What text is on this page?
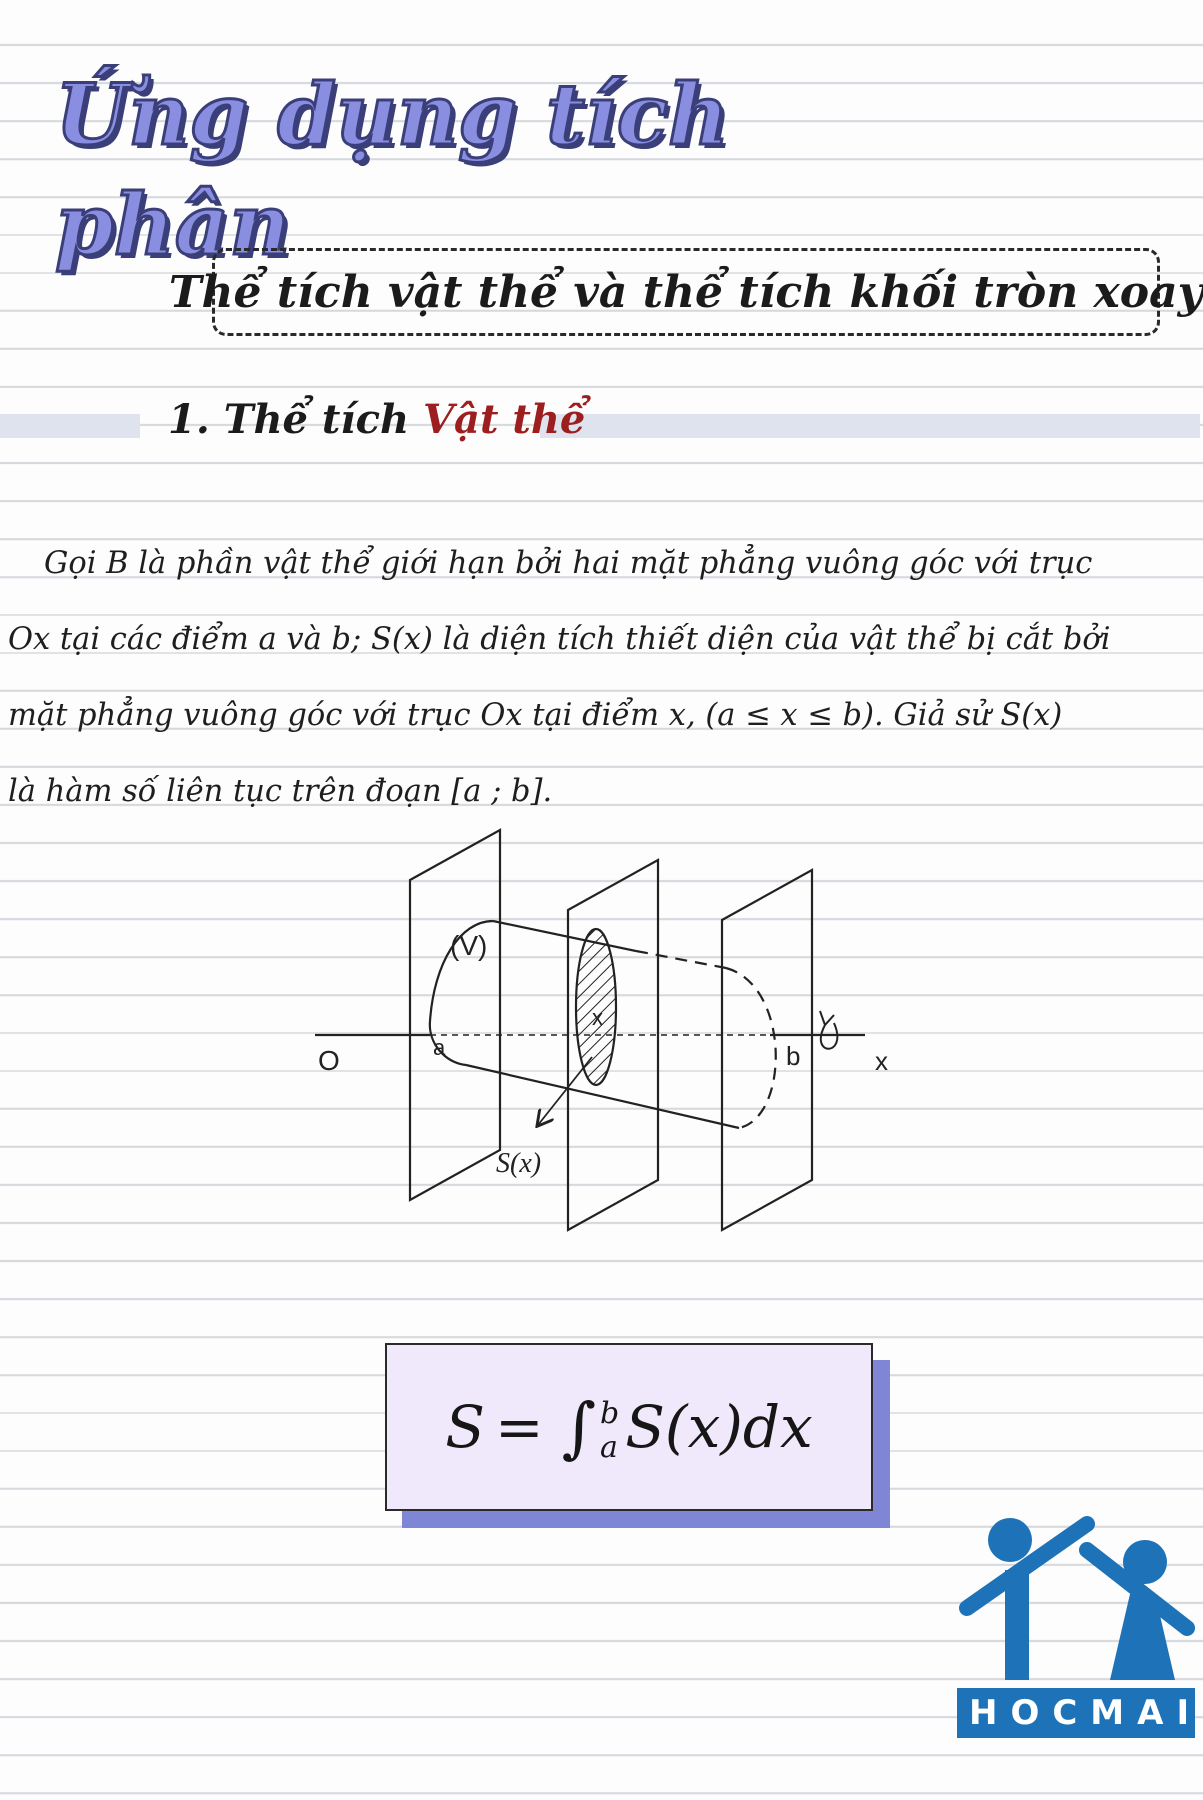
Ứng dụng tích phân
Thể tích vật thể và thể tích khối tròn xoay
1. Thể tích Vật thể

Gọi B là phần vật thể giới hạn bởi hai mặt phẳng vuông góc với trục
Ox tại các điểm a và b; S(x) là diện tích thiết diện của vật thể bị cắt bởi
mặt phẳng vuông góc với trục Ox tại điểm x, (a ≤ x ≤ b). Giả sử S(x)
là hàm số liên tục trên đoạn [a ; b].

(V)
O	a
x
b	x
S(x)
S = ∫ b
a S(x)dx
HOCMAI
